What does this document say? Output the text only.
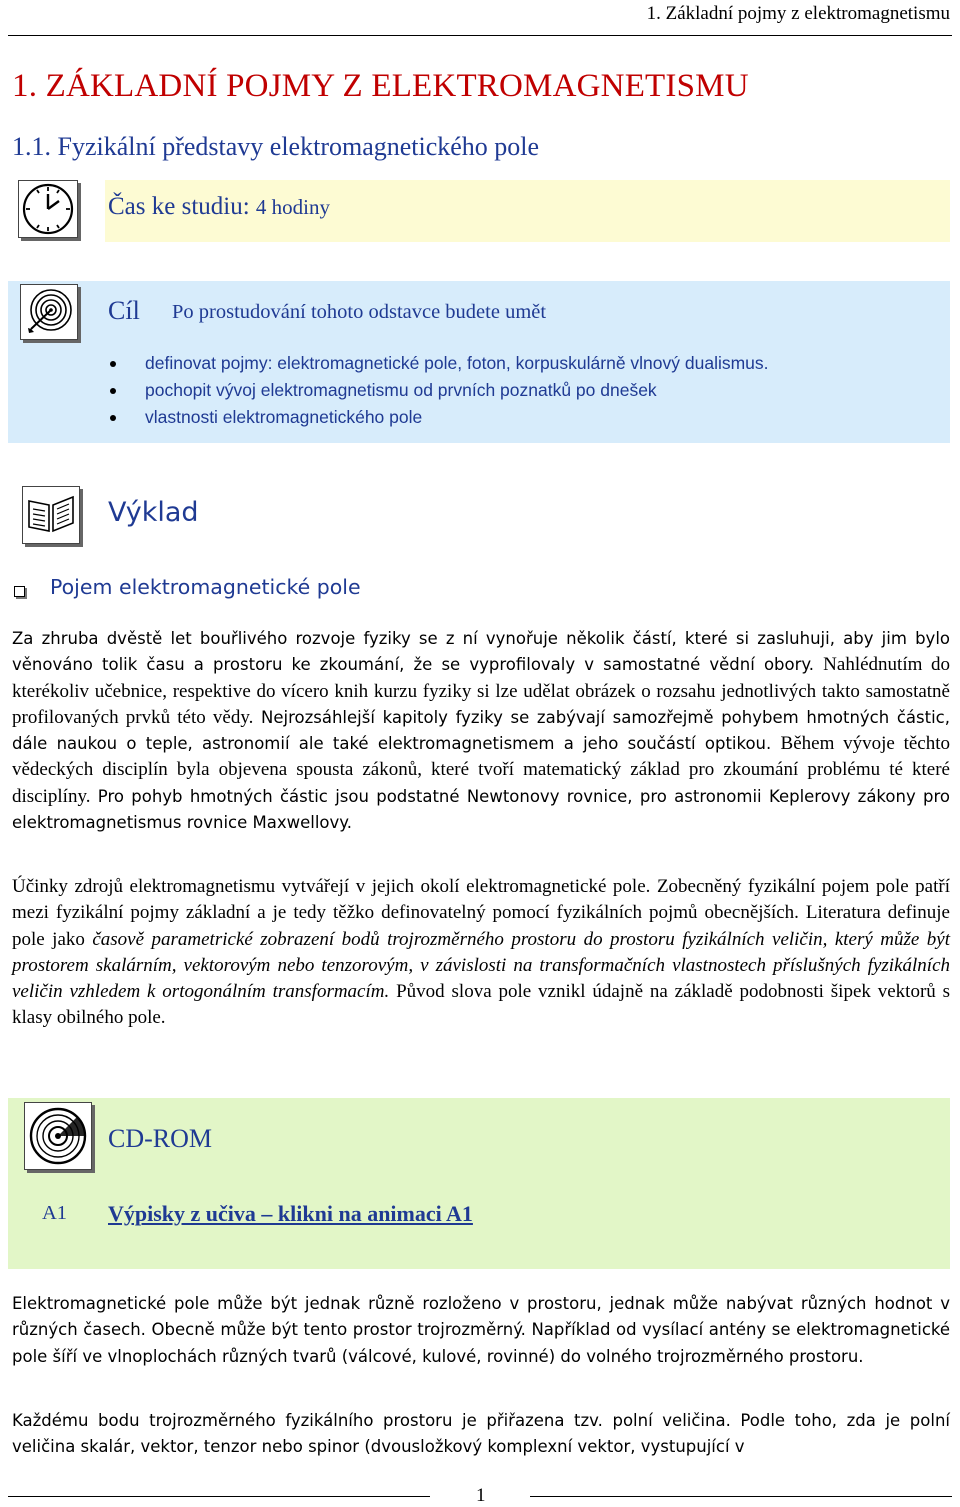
1. Základní pojmy z elektromagnetismu
1. ZÁKLADNÍ POJMY Z ELEKTROMAGNETISMU
1.1. Fyzikální představy elektromagnetického pole
Čas ke studiu: 4 hodiny
Cíl Po prostudování tohoto odstavce budete umět
definovat pojmy: elektromagnetické pole, foton, korpuskulárně vlnový dualismus.
pochopit vývoj elektromagnetismu od prvních poznatků po dnešek
vlastnosti elektromagnetického pole
Výklad
Pojem elektromagnetické pole

Za zhruba dvěstě let bouřlivého rozvoje fyziky se z ní vynořuje několik částí, které si zasluhuji, aby jim bylo věnováno tolik času a prostoru ke zkoumání, že se vyprofilovaly v samostatné vědní obory. Nahlédnutím do kterékoliv učebnice, respektive do vícero knih kurzu fyziky si lze udělat obrázek o rozsahu jednotlivých takto samostatně profilovaných prvků této vědy. Nejrozsáhlejší kapitoly fyziky se zabývají samozřejmě pohybem hmotných částic, dále naukou o teple, astronomií ale také elektromagnetismem a jeho součástí optikou. Během vývoje těchto vědeckých disciplín byla objevena spousta zákonů, které tvoří matematický základ pro zkoumání problému té které disciplíny. Pro pohyb hmotných částic jsou podstatné Newtonovy rovnice, pro astronomii Keplerovy zákony pro elektromagnetismus rovnice Maxwellovy.

Účinky zdrojů elektromagnetismu vytvářejí v jejich okolí elektromagnetické pole. Zobecněný fyzikální pojem pole patří mezi fyzikální pojmy základní a je tedy těžko definovatelný pomocí fyzikálních pojmů obecnějších. Literatura definuje pole jako časově parametrické zobrazení bodů trojrozměrného prostoru do prostoru fyzikálních veličin, který může být prostorem skalárním, vektorovým nebo tenzorovým, v závislosti na transformačních vlastnostech příslušných fyzikálních veličin vzhledem k ortogonálním transformacím. Původ slova pole vznikl údajně na základě podobnosti šipek vektorů s klasy obilného pole.

CD-ROM
A1 Výpisky z učiva – klikni na animaci A1

Elektromagnetické pole může být jednak různě rozloženo v prostoru, jednak může nabývat různých hodnot v různých časech. Obecně může být tento prostor trojrozměrný. Například od vysílací antény se elektromagnetické pole šíří ve vlnoplochách různých tvarů (válcové, kulové, rovinné) do volného trojrozměrného prostoru.

Každému bodu trojrozměrného fyzikálního prostoru je přiřazena tzv. polní veličina. Podle toho, zda je polní veličina skalár, vektor, tenzor nebo spinor (dvousložkový komplexní vektor, vystupující v

1
